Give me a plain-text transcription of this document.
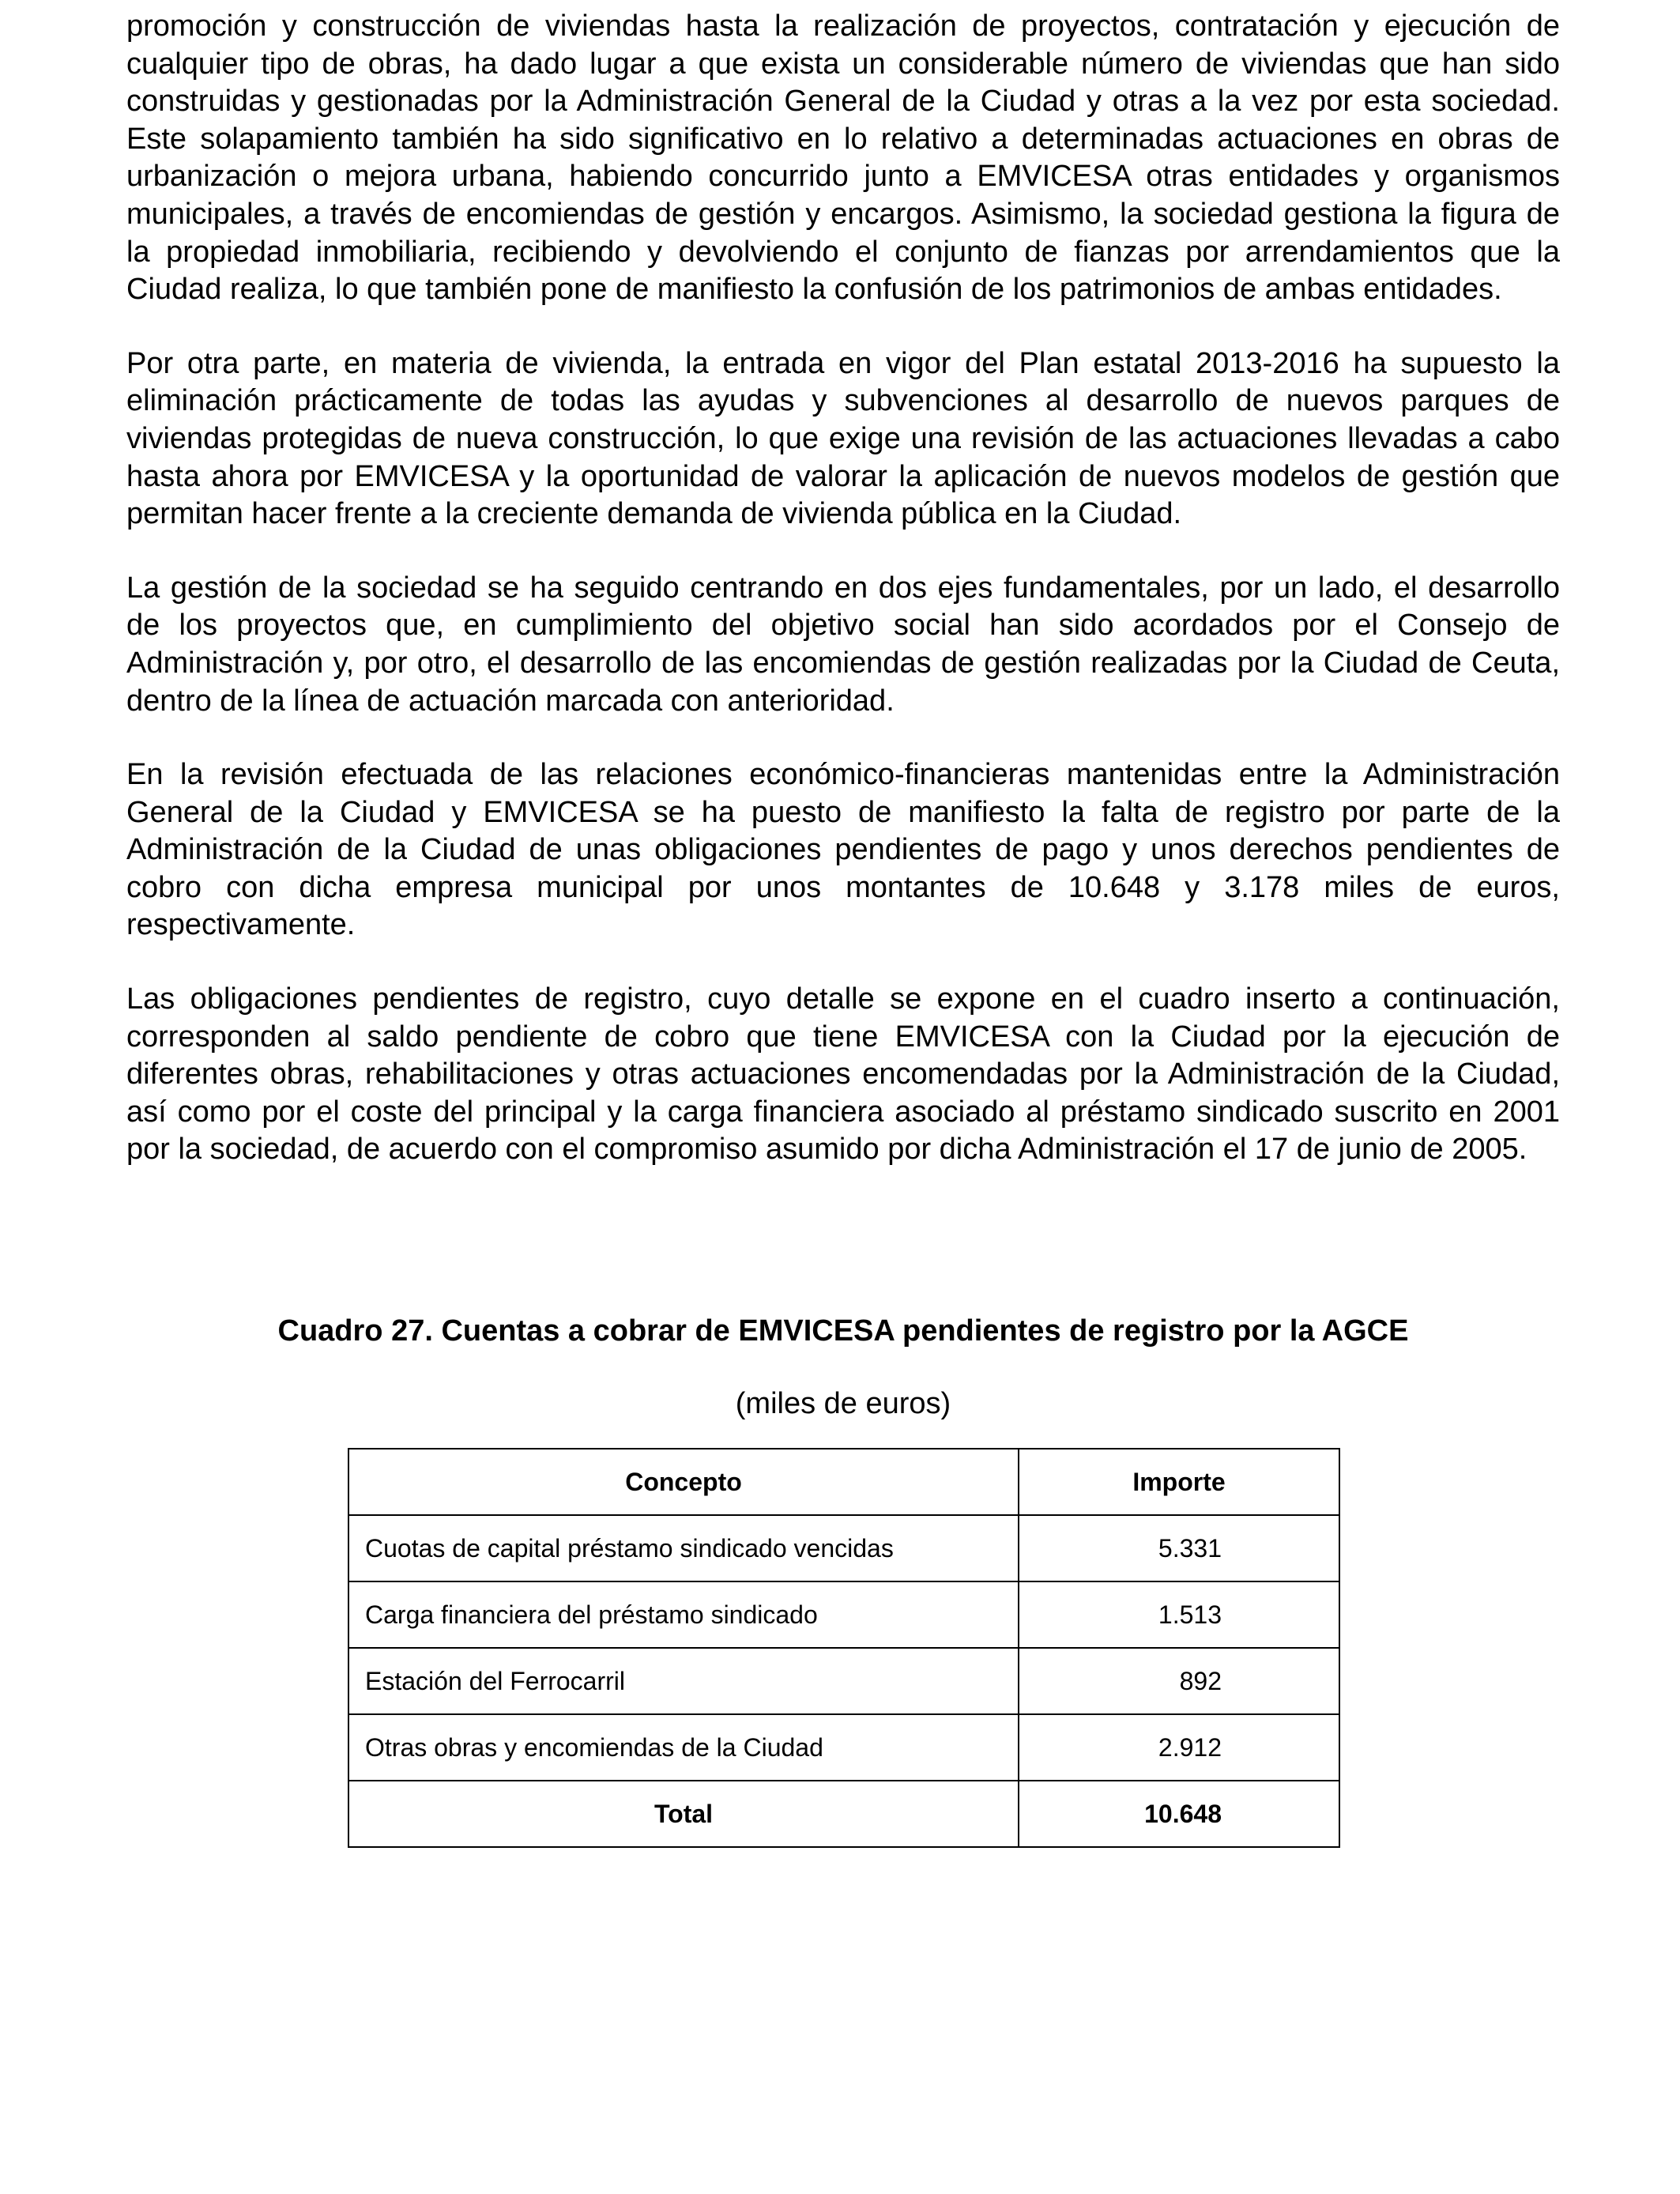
promoción y construcción de viviendas hasta la realización de proyectos, contratación y ejecución de cualquier tipo de obras, ha dado lugar a que exista un considerable número de viviendas que han sido construidas y gestionadas por la Administración General de la Ciudad y otras a la vez por esta sociedad. Este solapamiento también ha sido significativo en lo relativo a determinadas actuaciones en obras de urbanización o mejora urbana, habiendo concurrido junto a EMVICESA otras entidades y organismos municipales, a través de encomiendas de gestión y encargos. Asimismo, la sociedad gestiona la figura de la propiedad inmobiliaria, recibiendo y devolviendo el conjunto de fianzas por arrendamientos que la Ciudad realiza, lo que también pone de manifiesto la confusión de los patrimonios de ambas entidades.

Por otra parte, en materia de vivienda, la entrada en vigor del Plan estatal 2013-2016 ha supuesto la eliminación prácticamente de todas las ayudas y subvenciones al desarrollo de nuevos parques de viviendas protegidas de nueva construcción, lo que exige una revisión de las actuaciones llevadas a cabo hasta ahora por EMVICESA y la oportunidad de valorar la aplicación de nuevos modelos de gestión que permitan hacer frente a la creciente demanda de vivienda pública en la Ciudad.

La gestión de la sociedad se ha seguido centrando en dos ejes fundamentales, por un lado, el desarrollo de los proyectos que, en cumplimiento del objetivo social han sido acordados por el Consejo de Administración y, por otro, el desarrollo de las encomiendas de gestión realizadas por la Ciudad de Ceuta, dentro de la línea de actuación marcada con anterioridad.

En la revisión efectuada de las relaciones económico-financieras mantenidas entre la Administración General de la Ciudad y EMVICESA se ha puesto de manifiesto la falta de registro por parte de la Administración de la Ciudad de unas obligaciones pendientes de pago y unos derechos pendientes de cobro con dicha empresa municipal por unos montantes de 10.648 y 3.178 miles de euros, respectivamente.

Las obligaciones pendientes de registro, cuyo detalle se expone en el cuadro inserto a continuación, corresponden al saldo pendiente de cobro que tiene EMVICESA con la Ciudad por la ejecución de diferentes obras, rehabilitaciones y otras actuaciones encomendadas por la Administración de la Ciudad, así como por el coste del principal y la carga financiera asociado al préstamo sindicado suscrito en 2001 por la sociedad, de acuerdo con el compromiso asumido por dicha Administración el 17 de junio de 2005.

Cuadro 27. Cuentas a cobrar de EMVICESA pendientes de registro por la AGCE

(miles de euros)

Concepto	Importe
Cuotas de capital préstamo sindicado vencidas	5.331
Carga financiera del préstamo sindicado	1.513
Estación del Ferrocarril	892
Otras obras y encomiendas de la Ciudad	2.912
Total	10.648
